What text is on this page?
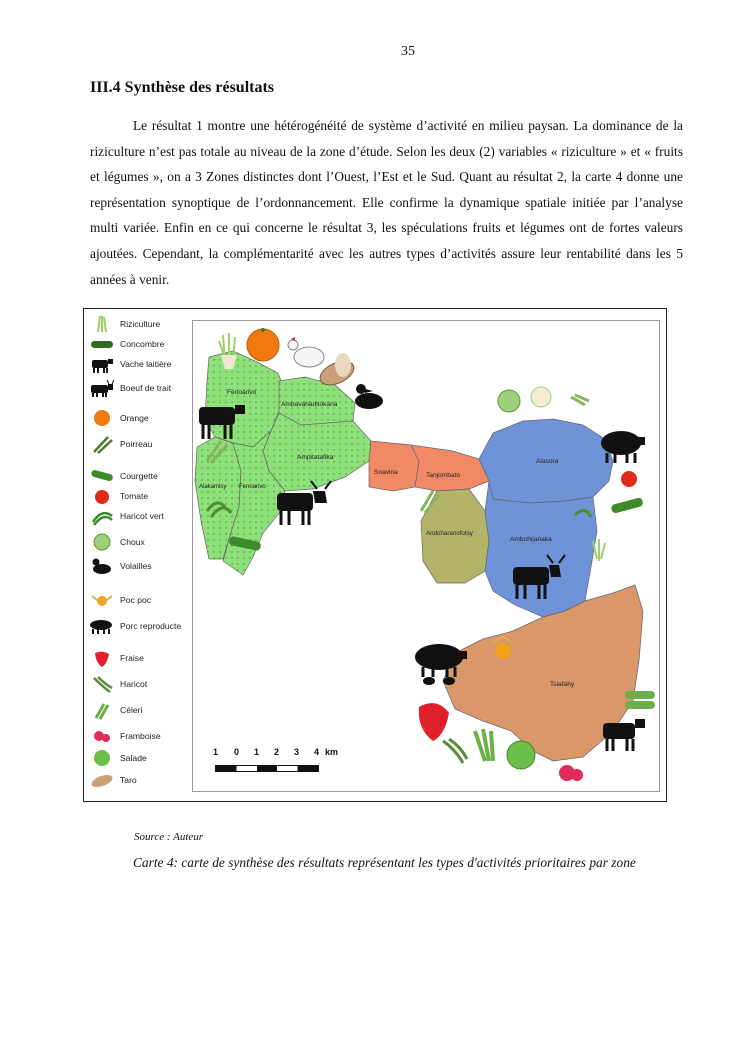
35
III.4 Synthèse des résultats

Le résultat 1 montre une hétérogénéité de système d’activité en milieu paysan. La dominance de la riziculture n’est pas totale au niveau de la zone d’étude. Selon les deux (2) variables « riziculture » et « fruits et légumes », on a 3 Zones distinctes dont l’Ouest, l’Est et le Sud. Quant au résultat 2, la carte 4 donne une représentation synoptique de l’ordonnancement. Elle confirme la dynamique spatiale initiée par l’analyse multi variée. Enfin en ce qui concerne le résultat 3, les spéculations fruits et légumes ont de fortes valeurs ajoutées. Cependant, la complémentarité avec les autres types d’activités assure leur rentabilité dans les 5 années à venir.

Riziculture
Concombre
Vache laitière
Boeuf de trait
Orange
Poirreau
Courgette
Tomate
Haricot vert
Choux
Volailles
Poc poc
Porc reproducte
Fraise
Haricot
Céleri
Framboise
Salade
Taro
Fenoarivo
Ambavahaditokana
Ampitatafika
Alakamisy Fenoarivo
Soavina	Tanjombato
Andoharanofotsy
Alasora
Ambohijanaka
Tsiafahy
1 0 1 2 3 4 km
Source : Auteur

Carte 4: carte de synthèse des résultats représentant les types d'activités prioritaires par zone
